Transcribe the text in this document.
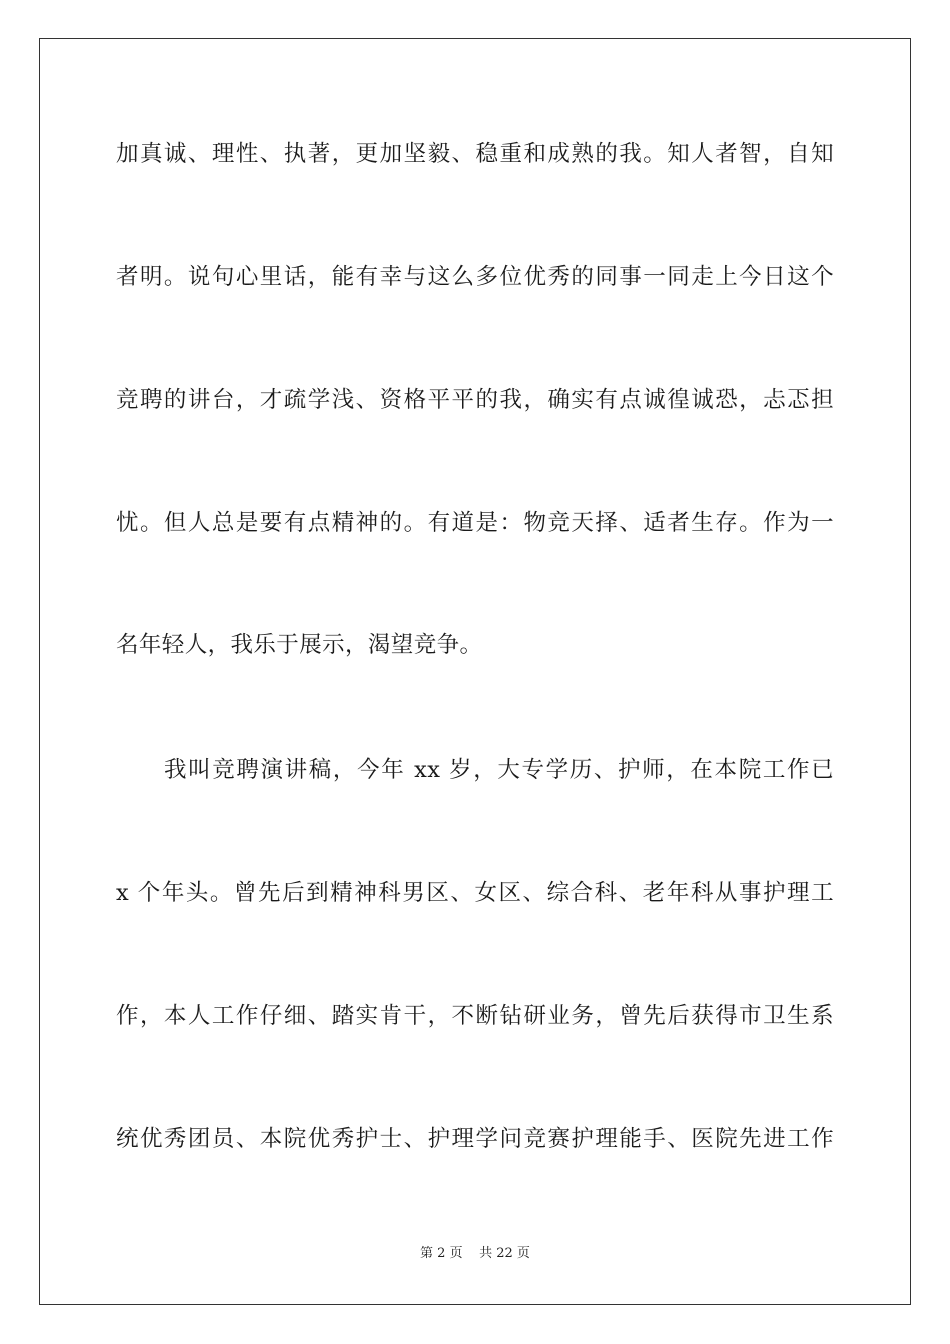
加真诚、理性、执著，更加坚毅、稳重和成熟的我。知人者智，自知
者明。说句心里话，能有幸与这么多位优秀的同事一同走上今日这个
竞聘的讲台，才疏学浅、资格平平的我，确实有点诚徨诚恐，忐忑担
忧。但人总是要有点精神的。有道是：物竞天择、适者生存。作为一
名年轻人，我乐于展示，渴望竞争。
我叫竞聘演讲稿，今年 xx 岁，大专学历、护师，在本院工作已
x 个年头。曾先后到精神科男区、女区、综合科、老年科从事护理工
作，本人工作仔细、踏实肯干，不断钻研业务，曾先后获得市卫生系
统优秀团员、本院优秀护士、护理学问竞赛护理能手、医院先进工作
第 2 页 共 22 页
